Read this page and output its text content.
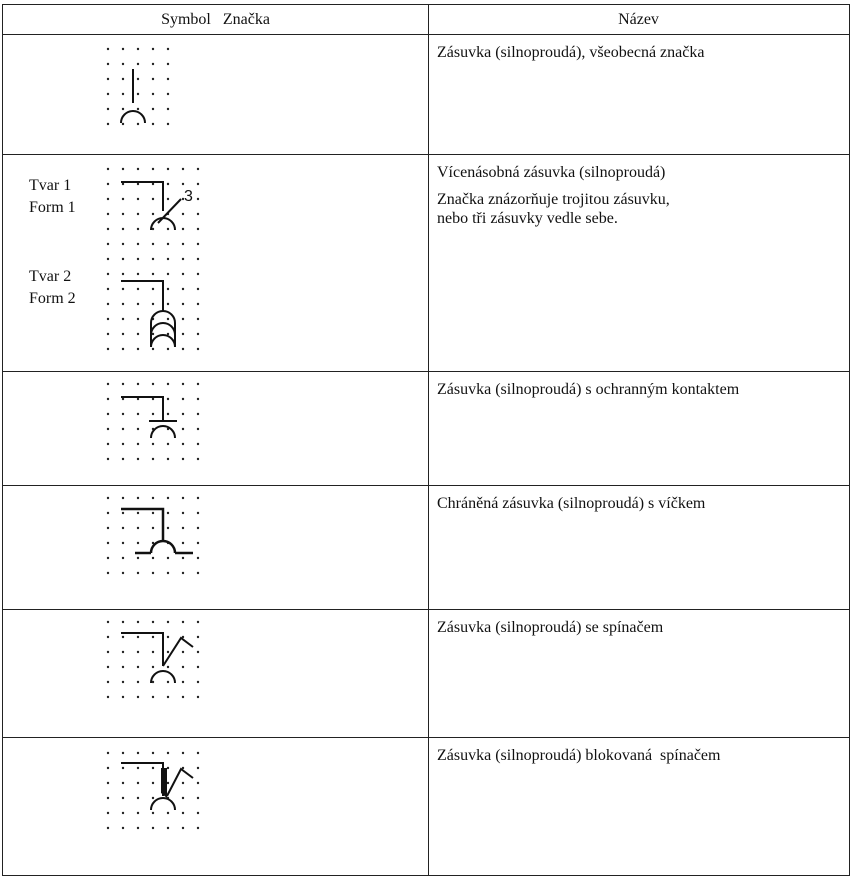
Symbol   Značka	Název

Zásuvka (silnoproudá), všeobecná značka

Tvar 1
Form 1
Tvar 2
Form 2
3

Vícenásobná zásuvka (silnoproudá)

Značka znázorňuje trojitou zásuvku,

nebo tři zásuvky vedle sebe.

Zásuvka (silnoproudá) s ochranným kontaktem

Chráněná zásuvka (silnoproudá) s víčkem

Zásuvka (silnoproudá) se spínačem

Zásuvka (silnoproudá) blokovaná  spínačem
